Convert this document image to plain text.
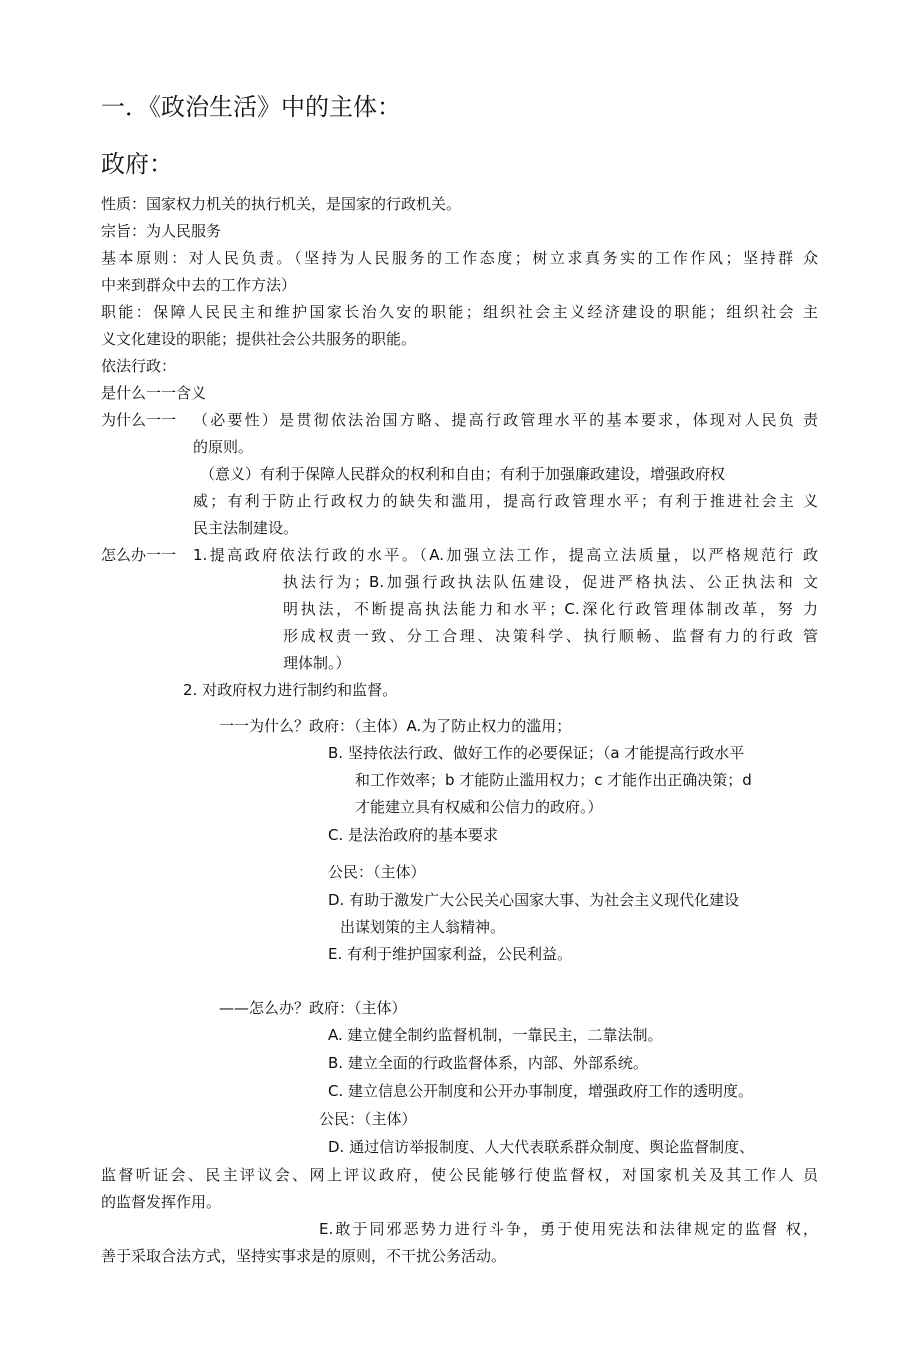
一．《政治生活》中的主体：
政府：
性质：国家权力机关的执行机关，是国家的行政机关。
宗旨：为人民服务
基本原则：对人民负责。（坚持为人民服务的工作态度；树立求真务实的工作作风；坚持群 众
中来到群众中去的工作方法）
职能：保障人民民主和维护国家长治久安的职能；组织社会主义经济建设的职能；组织社会 主
义文化建设的职能；提供社会公共服务的职能。
依法行政：
是什么一一含义
为什么一一 （必要性）是贯彻依法治国方略、提高行政管理水平的基本要求，体现对人民负 责
的原则。
（意义）有利于保障人民群众的权利和自由；有利于加强廉政建设，增强政府权
威；有利于防止行政权力的缺失和滥用，提高行政管理水平；有利于推进社会主 义
民主法制建设。
怎么办一一 1.提高政府依法行政的水平。（A.加强立法工作，提高立法质量，以严格规范行 政
执法行为；B.加强行政执法队伍建设，促进严格执法、公正执法和 文
明执法，不断提高执法能力和水平；C.深化行政管理体制改革，努 力
形成权责一致、分工合理、决策科学、执行顺畅、监督有力的行政 管
理体制。）
2. 对政府权力进行制约和监督。
一一为什么？政府：（主体）A.为了防止权力的滥用；
B. 坚持依法行政、做好工作的必要保证；（a 才能提高行政水平
和工作效率；b 才能防止滥用权力；c 才能作出正确决策；d
才能建立具有权威和公信力的政府。）
C. 是法治政府的基本要求
公民：（主体）
D. 有助于激发广大公民关心国家大事、为社会主义现代化建设
出谋划策的主人翁精神。
E. 有利于维护国家利益，公民利益。
——怎么办？政府：（主体）
A. 建立健全制约监督机制，一靠民主，二靠法制。
B. 建立全面的行政监督体系，内部、外部系统。
C. 建立信息公开制度和公开办事制度，增强政府工作的透明度。
公民：（主体）
D. 通过信访举报制度、人大代表联系群众制度、舆论监督制度、
监督听证会、民主评议会、网上评议政府，使公民能够行使监督权，对国家机关及其工作人 员
的监督发挥作用。
E.敢于同邪恶势力进行斗争，勇于使用宪法和法律规定的监督 权，
善于采取合法方式，坚持实事求是的原则，不干扰公务活动。
